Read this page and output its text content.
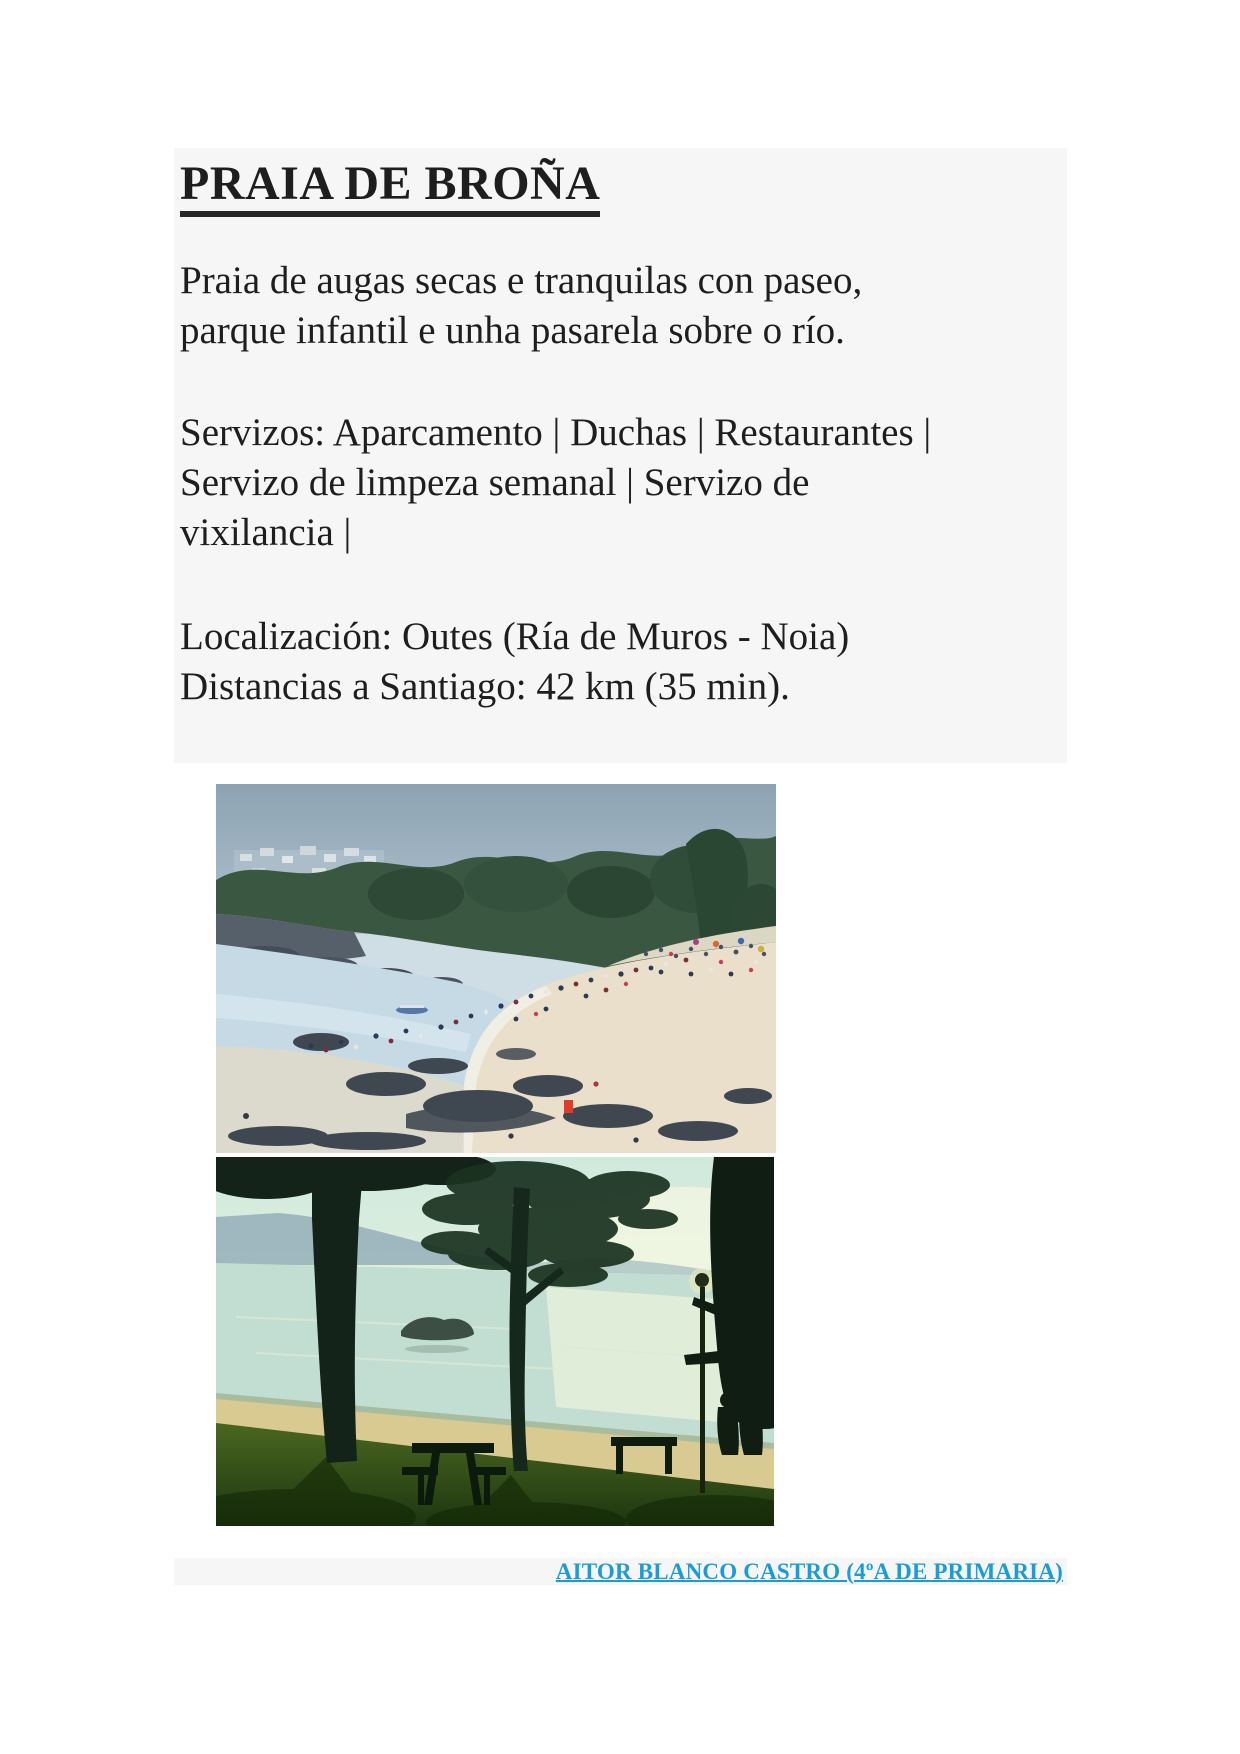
PRAIA DE BROÑA

Praia de augas secas e tranquilas con paseo,
parque infantil e unha pasarela sobre o río.

Servizos: Aparcamento | Duchas | Restaurantes |
Servizo de limpeza semanal | Servizo de
vixilancia |

Localización: Outes (Ría de Muros - Noia)
Distancias a Santiago: 42 km (35 min).

AITOR BLANCO CASTRO (4ºA DE PRIMARIA)
